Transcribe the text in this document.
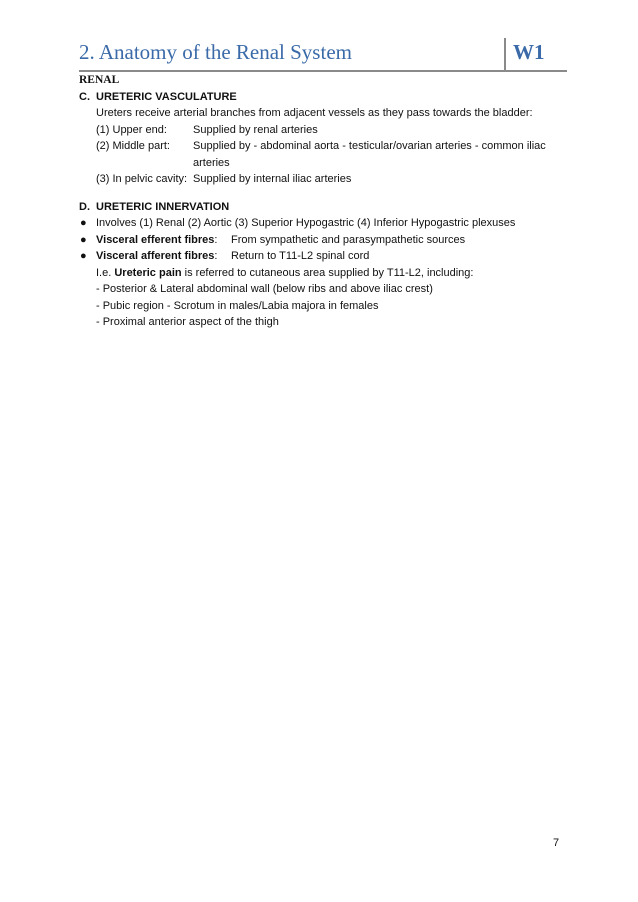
2. Anatomy of the Renal System	W1
RENAL
C. URETERIC VASCULATURE
Ureters receive arterial branches from adjacent vessels as they pass towards the bladder:
(1) Upper end:	Supplied by renal arteries
(2) Middle part:	Supplied by - abdominal aorta - testicular/ovarian arteries - common iliac arteries
(3) In pelvic cavity: Supplied by internal iliac arteries
D. URETERIC INNERVATION
● Involves (1) Renal (2) Aortic (3) Superior Hypogastric (4) Inferior Hypogastric plexuses
● Visceral efferent fibres:	From sympathetic and parasympathetic sources
● Visceral afferent fibres:	Return to T11-L2 spinal cord
I.e. Ureteric pain is referred to cutaneous area supplied by T11-L2, including:
- Posterior & Lateral abdominal wall (below ribs and above iliac crest)
- Pubic region - Scrotum in males/Labia majora in females
- Proximal anterior aspect of the thigh
7
